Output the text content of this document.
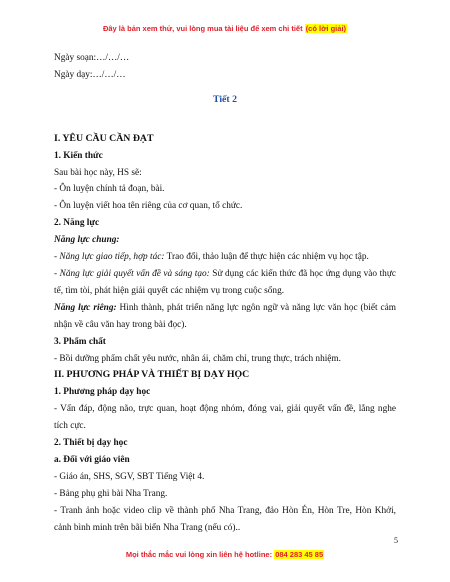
Đây là bản xem thử, vui lòng mua tài liệu để xem chi tiết (có lời giải)

Ngày soạn:…/…/…

Ngày dạy:…/…/…

Tiết 2

I. YÊU CẦU CẦN ĐẠT

1. Kiến thức

Sau bài học này, HS sẽ:

- Ôn luyện chính tả đoạn, bài.

- Ôn luyện viết hoa tên riêng của cơ quan, tổ chức.

2. Năng lực

Năng lực chung:

- Năng lực giao tiếp, hợp tác: Trao đổi, thảo luận để thực hiện các nhiệm vụ học tập.

- Năng lực giải quyết vấn đề và sáng tạo: Sử dụng các kiến thức đã học ứng dụng vào thực tế, tìm tòi, phát hiện giải quyết các nhiệm vụ trong cuộc sống.

Năng lực riêng: Hình thành, phát triển năng lực ngôn ngữ và năng lực văn học (biết cảm nhận về câu văn hay trong bài đọc).

3. Phẩm chất

- Bồi dưỡng phẩm chất yêu nước, nhân ái, chăm chỉ, trung thực, trách nhiệm.

II. PHƯƠNG PHÁP VÀ THIẾT BỊ DẠY HỌC

1. Phương pháp dạy học

- Vấn đáp, động não, trực quan, hoạt động nhóm, đóng vai, giải quyết vấn đề, lắng nghe tích cực.

2. Thiết bị dạy học

a. Đối với giáo viên

- Giáo án, SHS, SGV, SBT Tiếng Việt 4.

- Bảng phụ ghi bài Nha Trang.

- Tranh ảnh hoặc video clip về thành phố Nha Trang, đảo Hòn Én, Hòn Tre, Hòn Khởi, cảnh bình minh trên bãi biển Nha Trang (nếu có)..

5
Mọi thắc mắc vui lòng xin liên hệ hotline: 084 283 45 85
